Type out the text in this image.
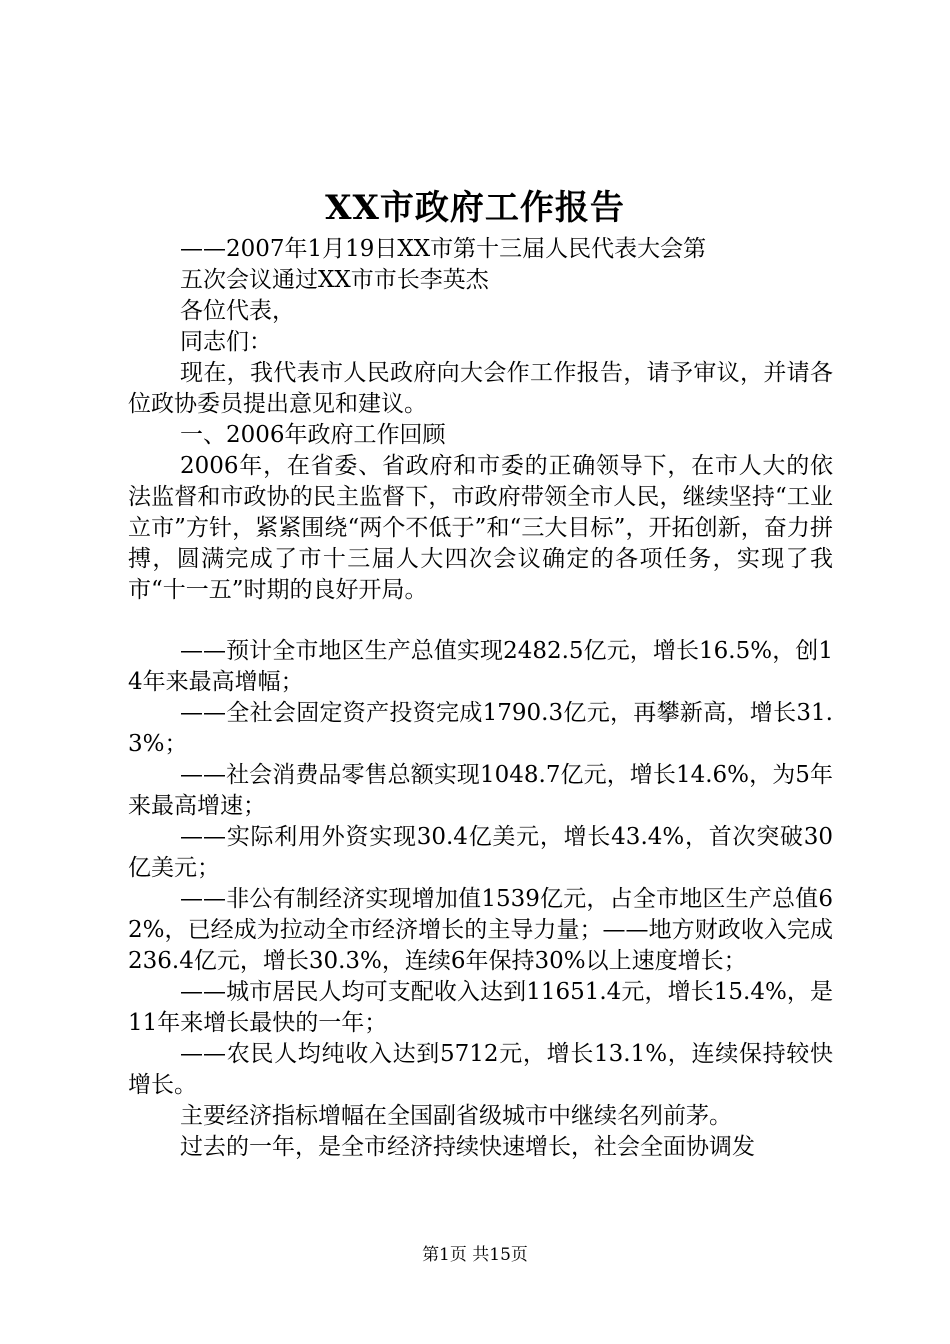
XX市政府工作报告

——2007年1月19日XX市第十三届人民代表大会第

五次会议通过XX市市长李英杰

各位代表，

同志们：

现在，我代表市人民政府向大会作工作报告，请予审议，并请各位政协委员提出意见和建议。

一、2006年政府工作回顾

2006年，在省委、省政府和市委的正确领导下，在市人大的依法监督和市政协的民主监督下，市政府带领全市人民，继续坚持“工业立市”方针，紧紧围绕“两个不低于”和“三大目标”，开拓创新，奋力拼搏，圆满完成了市十三届人大四次会议确定的各项任务，实现了我市“十一五”时期的良好开局。

——预计全市地区生产总值实现2482.5亿元，增长16.5%，创14年来最高增幅；

——全社会固定资产投资完成1790.3亿元，再攀新高，增长31.3%；

——社会消费品零售总额实现1048.7亿元，增长14.6%，为5年来最高增速；

——实际利用外资实现30.4亿美元，增长43.4%，首次突破30亿美元；

——非公有制经济实现增加值1539亿元，占全市地区生产总值62%，已经成为拉动全市经济增长的主导力量；——地方财政收入完成236.4亿元，增长30.3%，连续6年保持30%以上速度增长；

——城市居民人均可支配收入达到11651.4元，增长15.4%，是11年来增长最快的一年；

——农民人均纯收入达到5712元，增长13.1%，连续保持较快增长。

主要经济指标增幅在全国副省级城市中继续名列前茅。

过去的一年，是全市经济持续快速增长，社会全面协调发

第1页 共15页
